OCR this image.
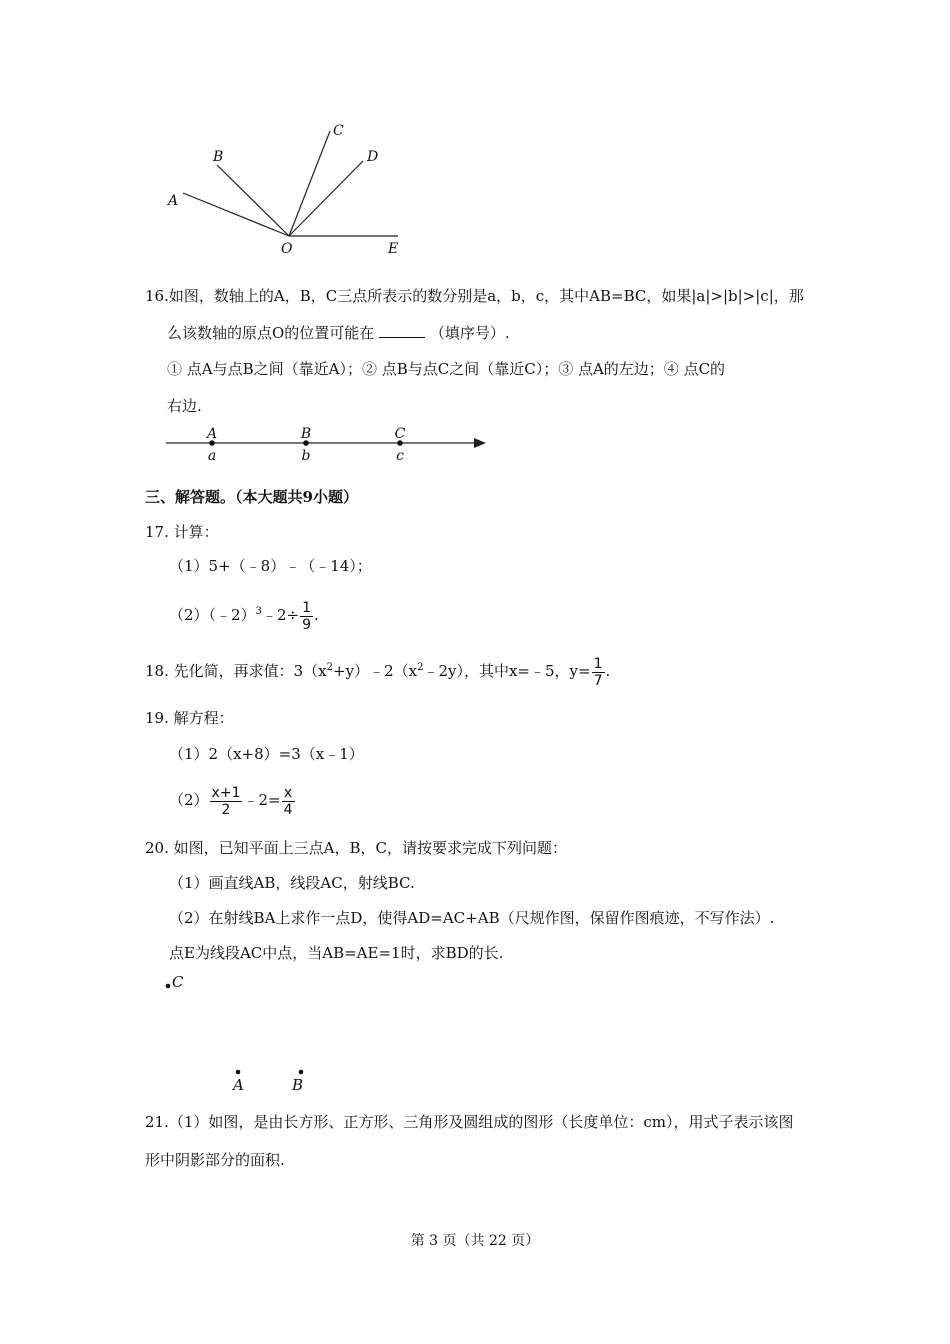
A
B
C
D
O	E
16.如图，数轴上的A，B，C三点所表示的数分别是a，b，c，其中AB=BC，如果|a|>|b|>|c|，那
么该数轴的原点O的位置可能在	（填序号）.
① 点A与点B之间（靠近A）；② 点B与点C之间（靠近C）；③ 点A的左边；④ 点C的
右边.
A	B	C
a	b	c
三、解答题。（本大题共9小题）
17. 计算：
（1）5+（﹣8）﹣（﹣14）；
（2）（﹣2）$^3$﹣2÷ $\frac{1}{9}$ .
18. 先化简，再求值：$3(x^2+y)﹣2(x^2﹣2y)$，其中x=﹣5，$y= \frac{1}{7}$ .
19. 解方程：
（1）2（x+8）=3（x﹣1）
$(2) \frac{x+1}{2}$ ﹣2= $\frac{x}{4}$
20. 如图，已知平面上三点A，B，C，请按要求完成下列问题：
（1）画直线AB，线段AC，射线BC.
（2）在射线BA上求作一点D，使得AD=AC+AB（尺规作图，保留作图痕迹，不写作法）.
点E为线段AC中点，当AB=AE=1时，求BD的长.
C
A	B
21.（1）如图，是由长方形、正方形、三角形及圆组成的图形（长度单位：cm），用式子表示该图
形中阴影部分的面积.
第 3 页（共 22 页）
